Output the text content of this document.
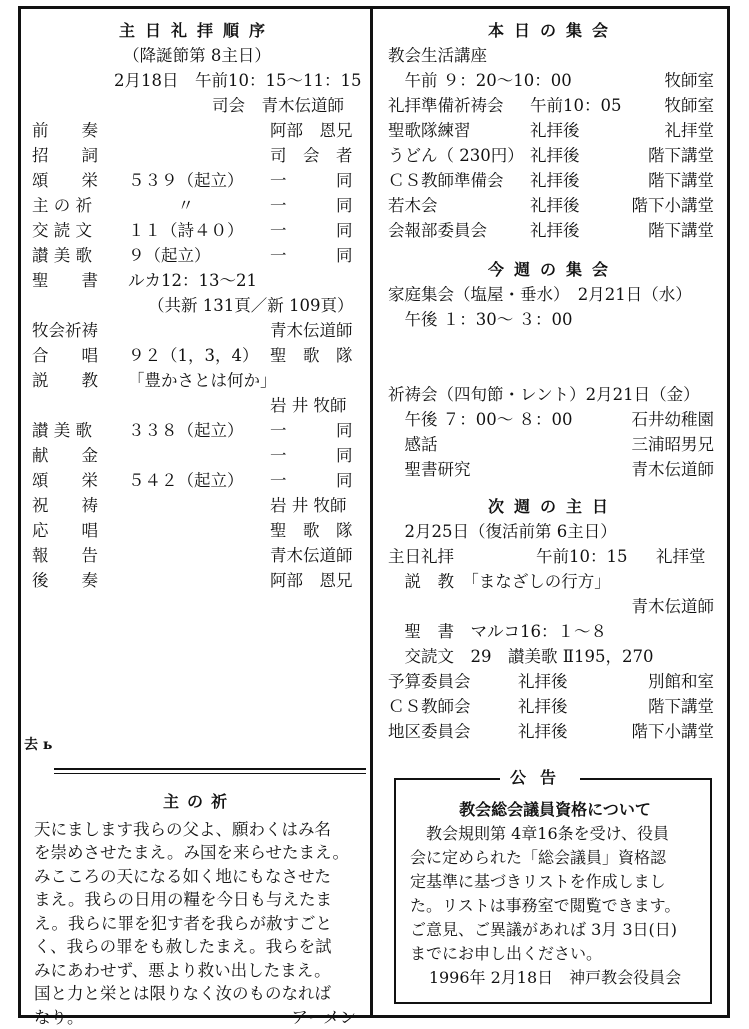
主日礼拝順序
（降誕節第 8主日）
2月18日　午前10：15〜11：15
司会　青木伝道師
前　　奏	阿部　恩兄
招　　詞	司　会　者
頌　　栄 ５３９（起立） 一　　　同
主 の 祈 　　　〃	一　　　同
交 読 文 １１（詩４０） 一　　　同
讃 美 歌 ９（起立）	一　　　同
聖　　書 ルカ12：13〜21
（共新 131頁／新 109頁）
牧会祈祷	青木伝道師
合　　唱 ９２（1，3，4） 聖　歌　隊
説　　教 「豊かさとは何か」
岩 井 牧師
讃 美 歌 ３３８（起立） 一　　　同
献　　金	一　　　同
頌　　栄 ５４２（起立） 一　　　同
祝　　祷	岩 井 牧師
応　　唱	聖　歌　隊
報　　告	青木伝道師
後　　奏	阿部　恩兄
去 ь
主の祈
天にまします我らの父よ、願わくはみ名
を崇めさせたまえ。み国を来らせたまえ。
みこころの天になる如く地にもなさせた
まえ。我らの日用の糧を今日も与えたま
え。我らに罪を犯す者を我らが赦すごと
く、我らの罪をも赦したまえ。我らを試
みにあわせず、悪より救い出したまえ。
国と力と栄とは限りなく汝のものなれば
なり。	アーメン
本日の集会
教会生活講座
　午前 ９：20〜10：00	牧師室
礼拝準備祈祷会 午前10：05	牧師室
聖歌隊練習	礼拝後	礼拝堂
うどん（ 230円） 礼拝後	階下講堂
ＣＳ教師準備会 礼拝後	階下講堂
若木会	礼拝後	階下小講堂
会報部委員会	礼拝後	階下講堂
今週の集会
家庭集会（塩屋・垂水）　2月21日（水）
　午後 １：30〜 ３：00
祈祷会（四旬節・レント）2月21日（金）
　午後 ７：00〜 ８：00	石井幼稚園
　感話	三浦昭男兄
　聖書研究	青木伝道師
次週の主日
　2月25日（復活前第 6主日）
主日礼拝	午前10：15 礼拝堂
　説　教　「まなざしの行方」
青木伝道師
　聖　書　マルコ16：１〜８
　交読文　29　讃美歌 Ⅱ195，270
予算委員会	礼拝後	別館和室
ＣＳ教師会	礼拝後	階下講堂
地区委員会	礼拝後	階下小講堂
公告
教会総会議員資格について
　教会規則第 4章16条を受け、役員
会に定められた「総会議員」資格認
定基準に基づきリストを作成しまし
た。リストは事務室で閲覧できます。
ご意見、ご異議があれば 3月 3日(日)
までにお申し出ください。
1996年 2月18日　神戸教会役員会
